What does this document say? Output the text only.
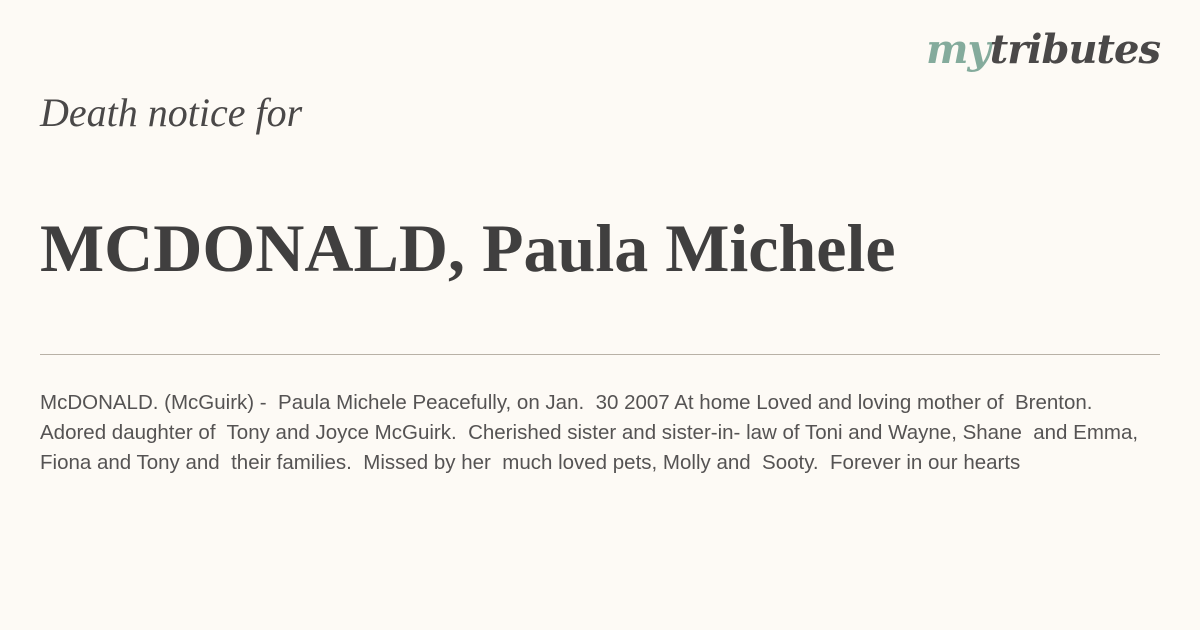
mytributes
Death notice for
MCDONALD, Paula Michele

McDONALD. (McGuirk) -  Paula Michele Peacefully, on Jan.  30 2007 At home Loved and loving mother of  Brenton.  Adored daughter of  Tony and Joyce McGuirk.  Cherished sister and sister-in- law of Toni and Wayne, Shane  and Emma, Fiona and Tony and  their families.  Missed by her  much loved pets, Molly and  Sooty.  Forever in our hearts
